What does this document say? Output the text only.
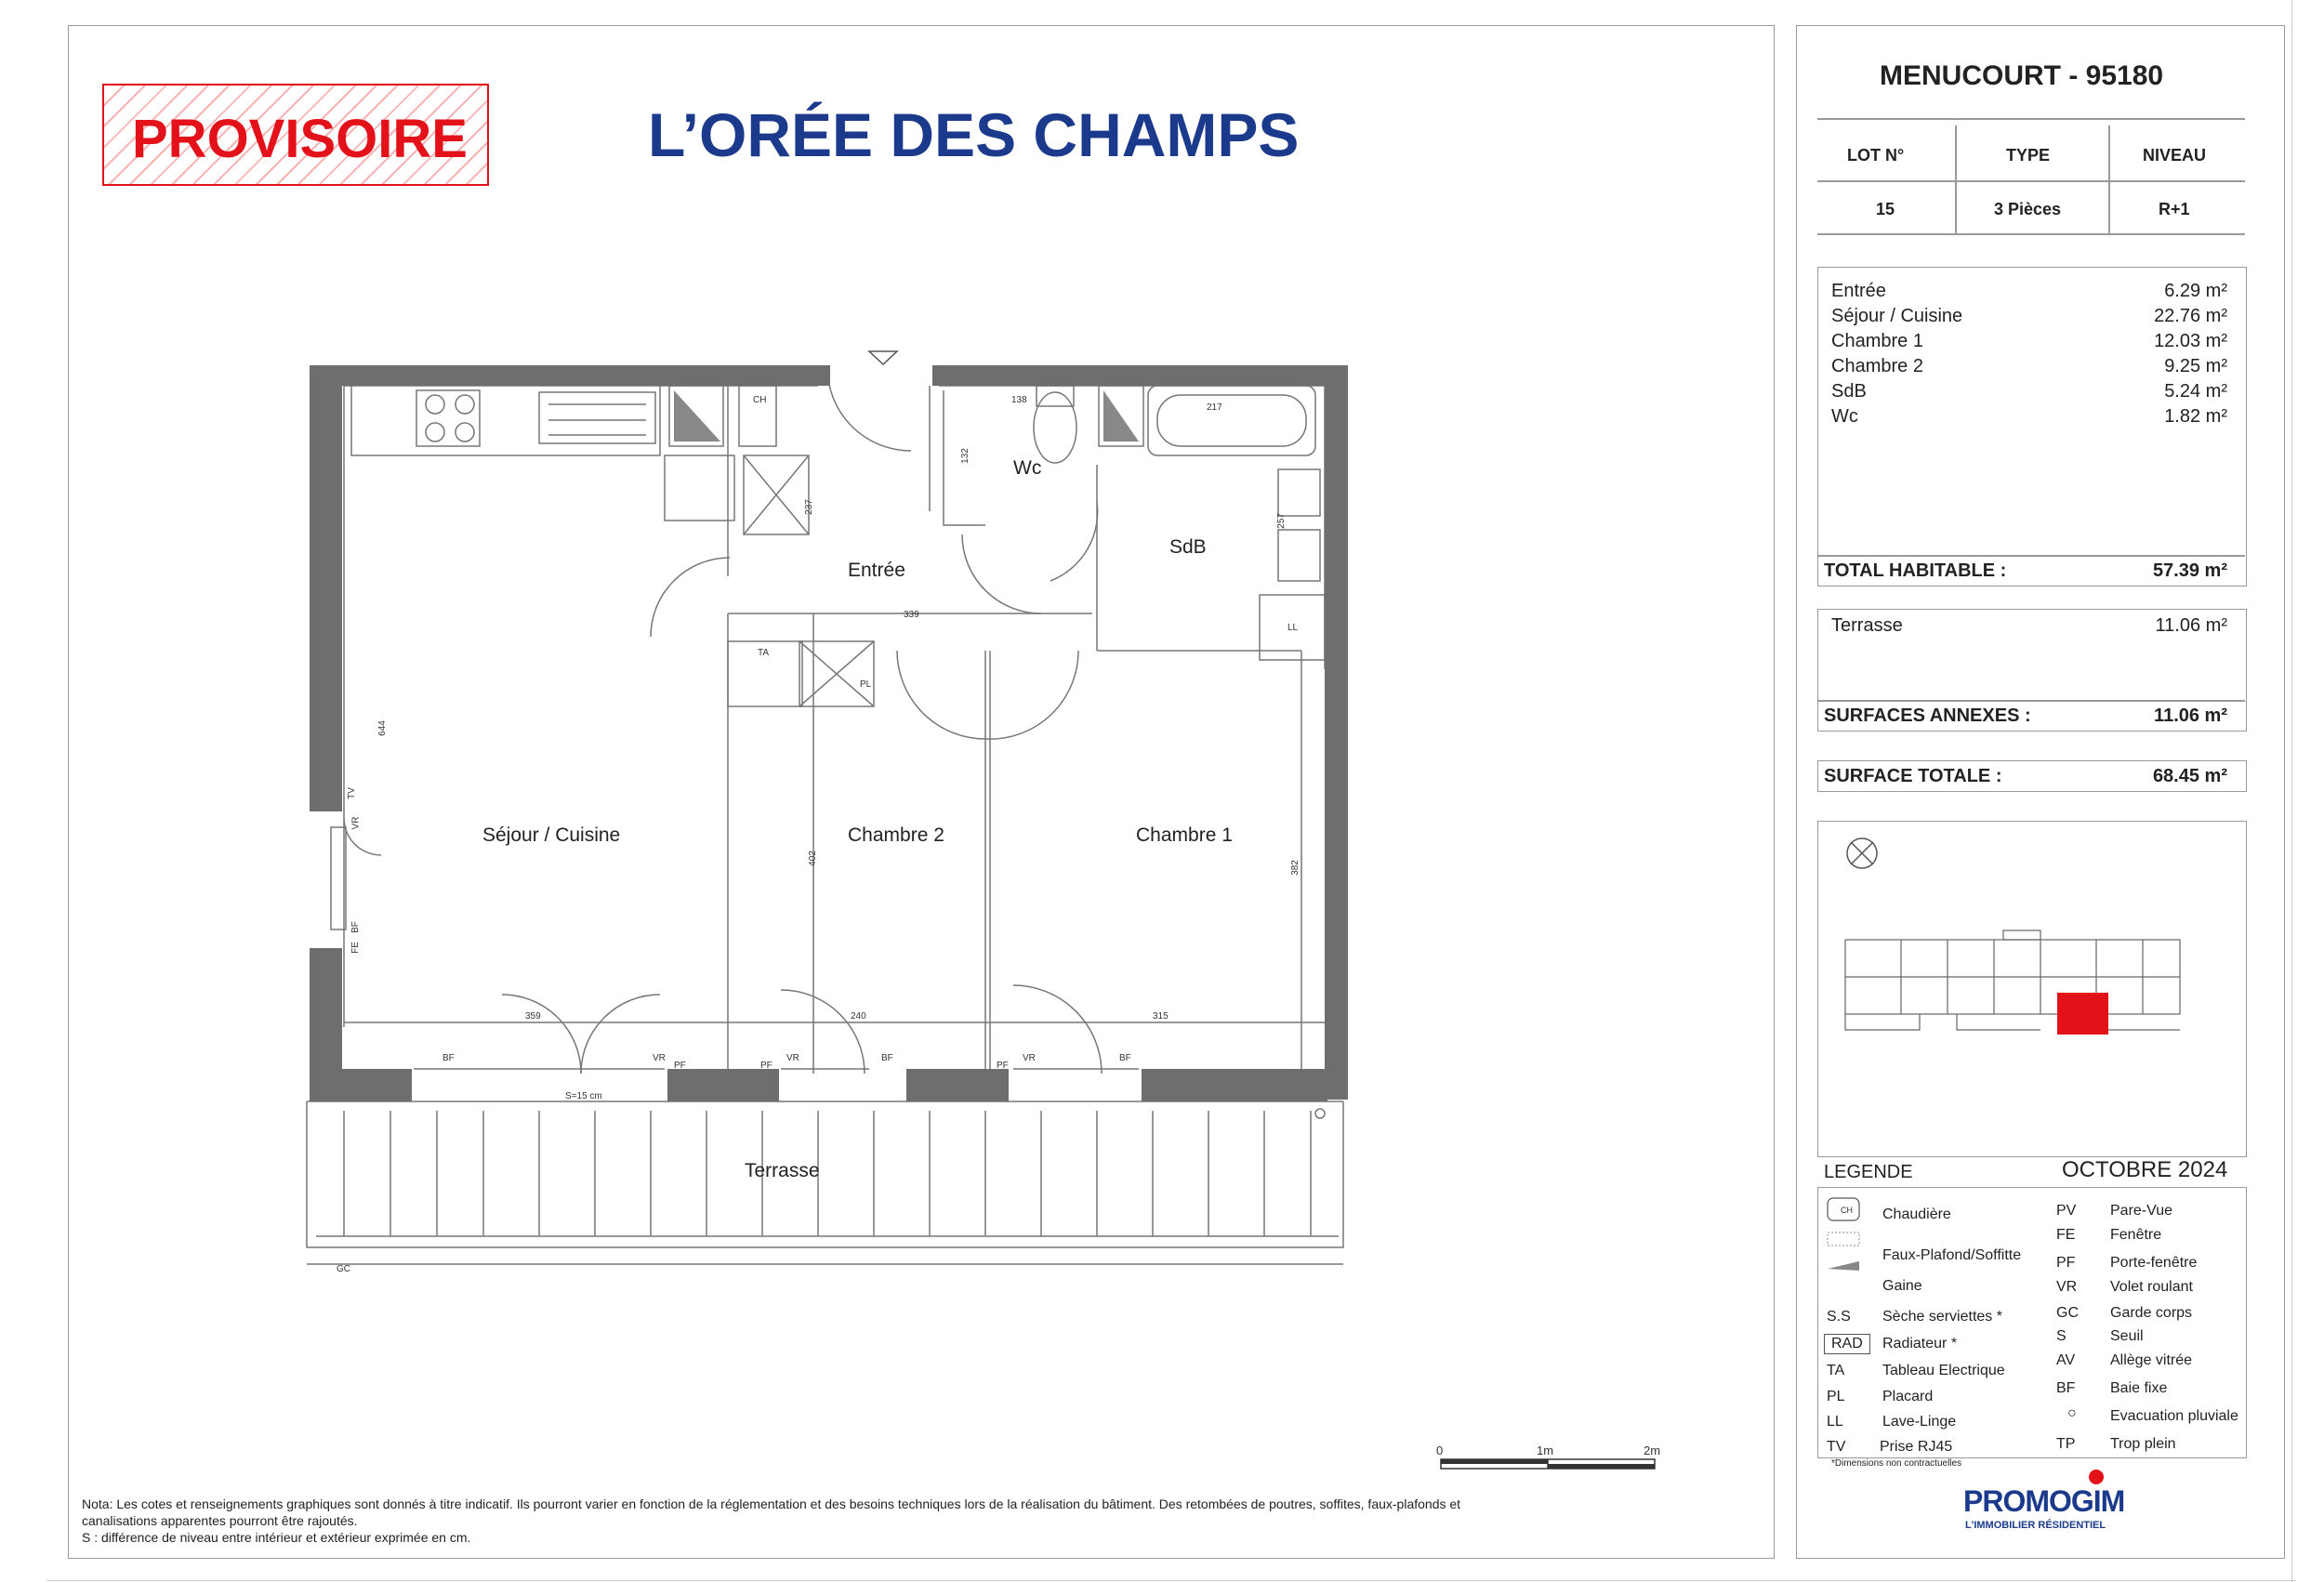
PROVISOIRE	L’ORÉE DES CHAMPS
Wc
SdB
Entrée
Séjour / Cuisine	Chambre 2	Chambre 1
Terrasse
138
217
132
237
257
339
644
402
382
359	240	315
S=15 cm
TA
PL
LL
CH
TV
VR
BF
FE
BF	VR
PF	PF
VR	BF
PF
VR	BF
GC
0	1m	2m
Nota: Les cotes et renseignements graphiques sont donnés à titre indicatif. Ils pourront varier en fonction de la réglementation et des besoins techniques lors de la réalisation du bâtiment. Des retombées de poutres, soffites, faux-plafonds et
canalisations apparentes pourront être rajoutés.
S : différence de niveau entre intérieur et extérieur exprimée en cm.
MENUCOURT - 95180
LOT N°	TYPE	NIVEAU
15	3 Pièces	R+1
Entrée	6.29 m²
Séjour / Cuisine	22.76 m²
Chambre 1	12.03 m²
Chambre 2	9.25 m²
SdB	5.24 m²
Wc	1.82 m²
TOTAL HABITABLE :	57.39 m²
Terrasse	11.06 m²
SURFACES ANNEXES :	11.06 m²
SURFACE TOTALE :	68.45 m²
LEGENDE	OCTOBRE 2024
CH Chaudière
Faux-Plafond/Soffitte
Gaine
S.S Sèche serviettes *
RAD Radiateur *
TA	Tableau Electrique
PL	Placard
LL	Lave-Linge
TV Prise RJ45
PV Pare-Vue
FE Fenêtre
PF Porte-fenêtre
VR Volet roulant
GC Garde corps
S	Seuil
AV Allège vitrée
BF Baie fixe
○ Evacuation pluviale
TP Trop plein
*Dimensions non contractuelles
PROMOGIM
L'IMMOBILIER RÉSIDENTIEL
